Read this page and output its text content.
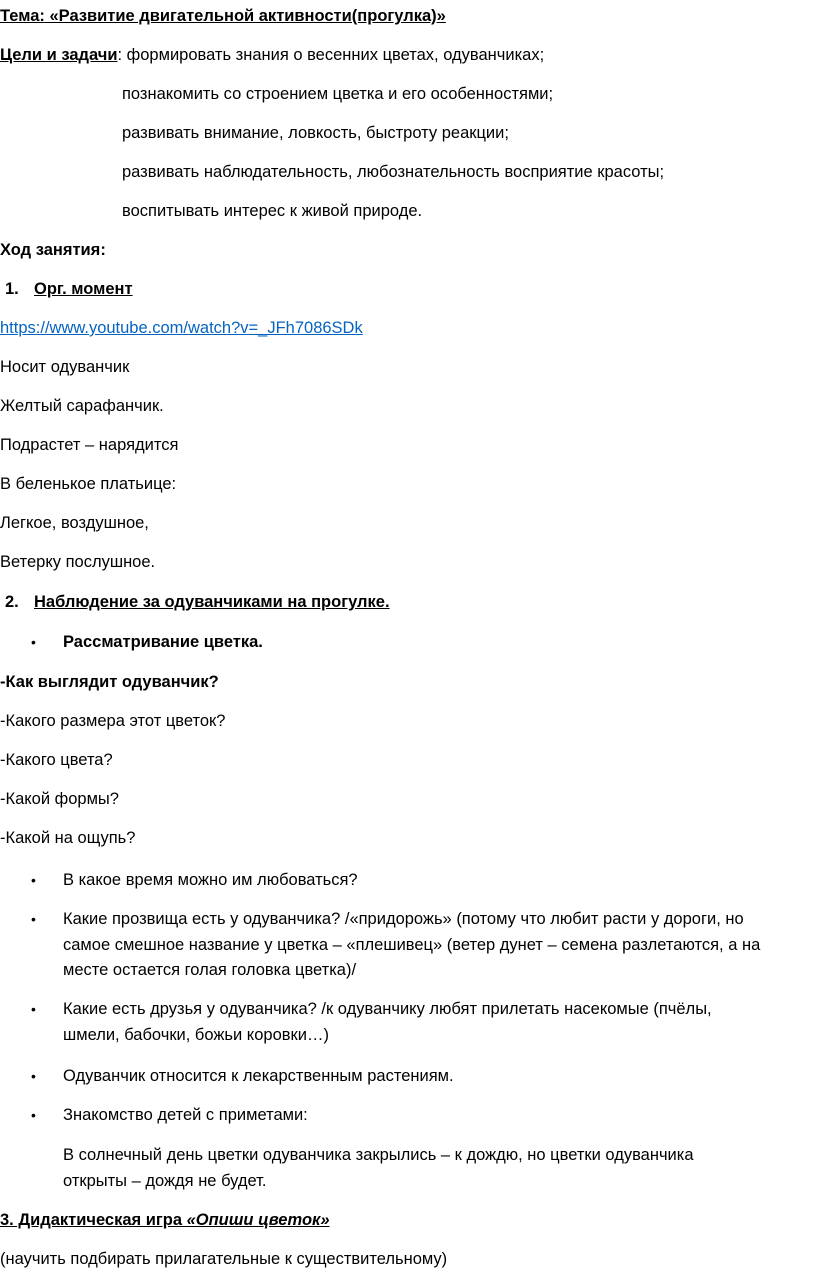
Тема: «Развитие двигательной активности(прогулка)»
Цели и задачи: формировать знания о весенних цветах, одуванчиках;
познакомить со строением цветка и его особенностями;
развивать внимание, ловкость, быстроту реакции;
развивать наблюдательность, любознательность восприятие красоты;
воспитывать интерес к живой природе.
Ход занятия:
1. Орг. момент
https://www.youtube.com/watch?v=_JFh7086SDk
Носит одуванчик
Желтый сарафанчик.
Подрастет – нарядится
В беленькое платьице:
Легкое, воздушное,
Ветерку послушное.
2. Наблюдение за одуванчиками на прогулке.
• Рассматривание цветка.
-Как выглядит одуванчик?
-Какого размера этот цветок?
-Какого цвета?
-Какой формы?
-Какой на ощупь?
• В какое время можно им любоваться?
• Какие прозвища есть у одуванчика? /«придорожь» (потому что любит расти у дороги, но
самое смешное название у цветка – «плешивец» (ветер дунет – семена разлетаются, а на
месте остается голая головка цветка)/
• Какие есть друзья у одуванчика? /к одуванчику любят прилетать насекомые (пчёлы,
шмели, бабочки, божьи коровки…)
• Одуванчик относится к лекарственным растениям.
• Знакомство детей с приметами:
В солнечный день цветки одуванчика закрылись – к дождю, но цветки одуванчика
открыты – дождя не будет.
3. Дидактическая игра «Опиши цветок»
(научить подбирать прилагательные к существительному)
